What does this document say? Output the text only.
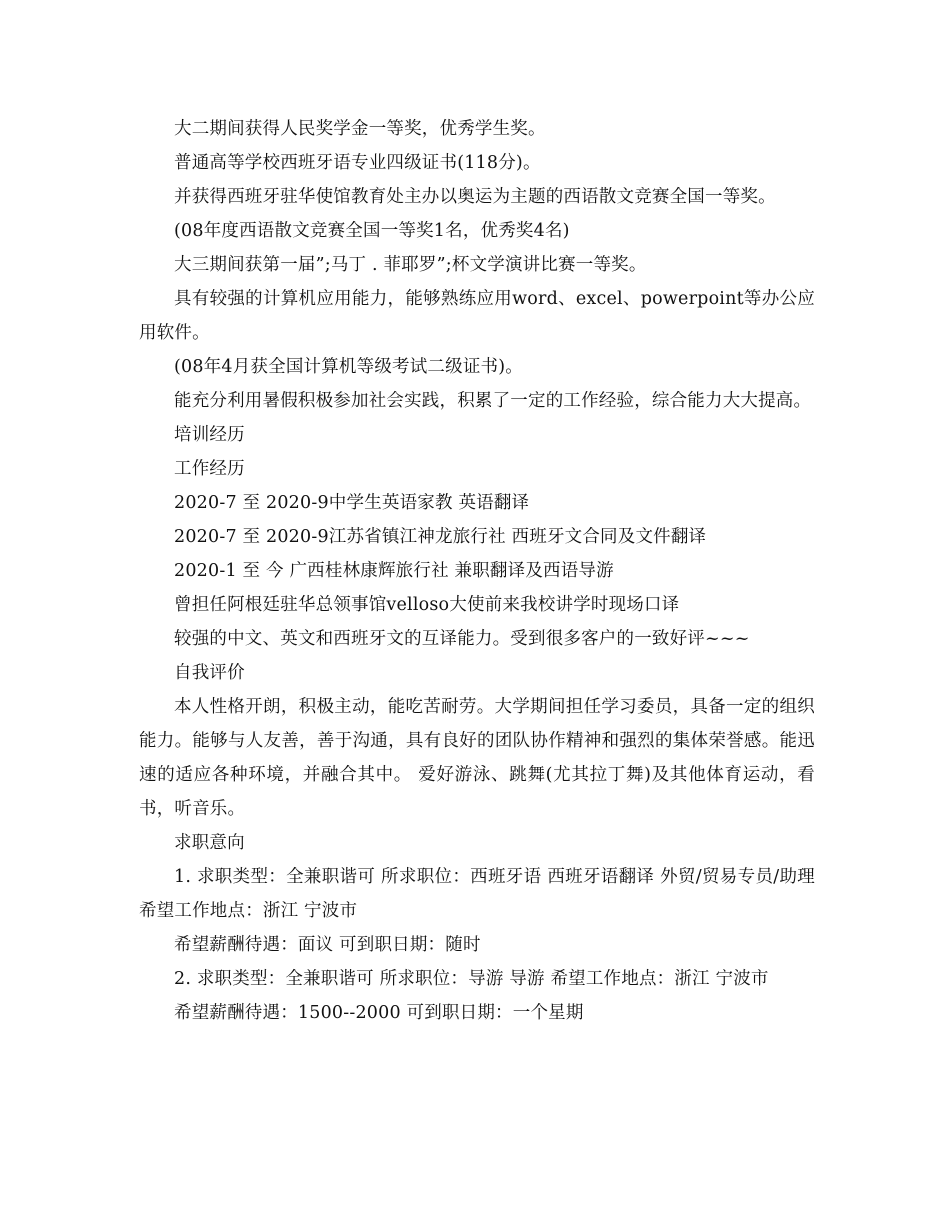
大二期间获得人民奖学金一等奖，优秀学生奖。

普通高等学校西班牙语专业四级证书(118分)。

并获得西班牙驻华使馆教育处主办以奥运为主题的西语散文竞赛全国一等奖。

(08年度西语散文竞赛全国一等奖1名，优秀奖4名)

大三期间获第一届”;马丁 . 菲耶罗”;杯文学演讲比赛一等奖。

具有较强的计算机应用能力，能够熟练应用word、excel、powerpoint等办公应用软件。

(08年4月获全国计算机等级考试二级证书)。

能充分利用暑假积极参加社会实践，积累了一定的工作经验，综合能力大大提高。

培训经历

工作经历

2020-7 至 2020-9中学生英语家教 英语翻译

2020-7 至 2020-9江苏省镇江神龙旅行社 西班牙文合同及文件翻译

2020-1 至 今 广西桂林康辉旅行社 兼职翻译及西语导游

曾担任阿根廷驻华总领事馆velloso大使前来我校讲学时现场口译

较强的中文、英文和西班牙文的互译能力。受到很多客户的一致好评~~~

自我评价

本人性格开朗，积极主动，能吃苦耐劳。大学期间担任学习委员，具备一定的组织能力。能够与人友善，善于沟通，具有良好的团队协作精神和强烈的集体荣誉感。能迅速的适应各种环境，并融合其中。 爱好游泳、跳舞(尤其拉丁舞)及其他体育运动，看书，听音乐。

求职意向

1. 求职类型：全兼职谐可 所求职位：西班牙语 西班牙语翻译 外贸/贸易专员/助理 希望工作地点：浙江 宁波市

希望薪酬待遇：面议 可到职日期：随时

2. 求职类型：全兼职谐可 所求职位：导游 导游 希望工作地点：浙江 宁波市

希望薪酬待遇：1500--2000 可到职日期：一个星期
